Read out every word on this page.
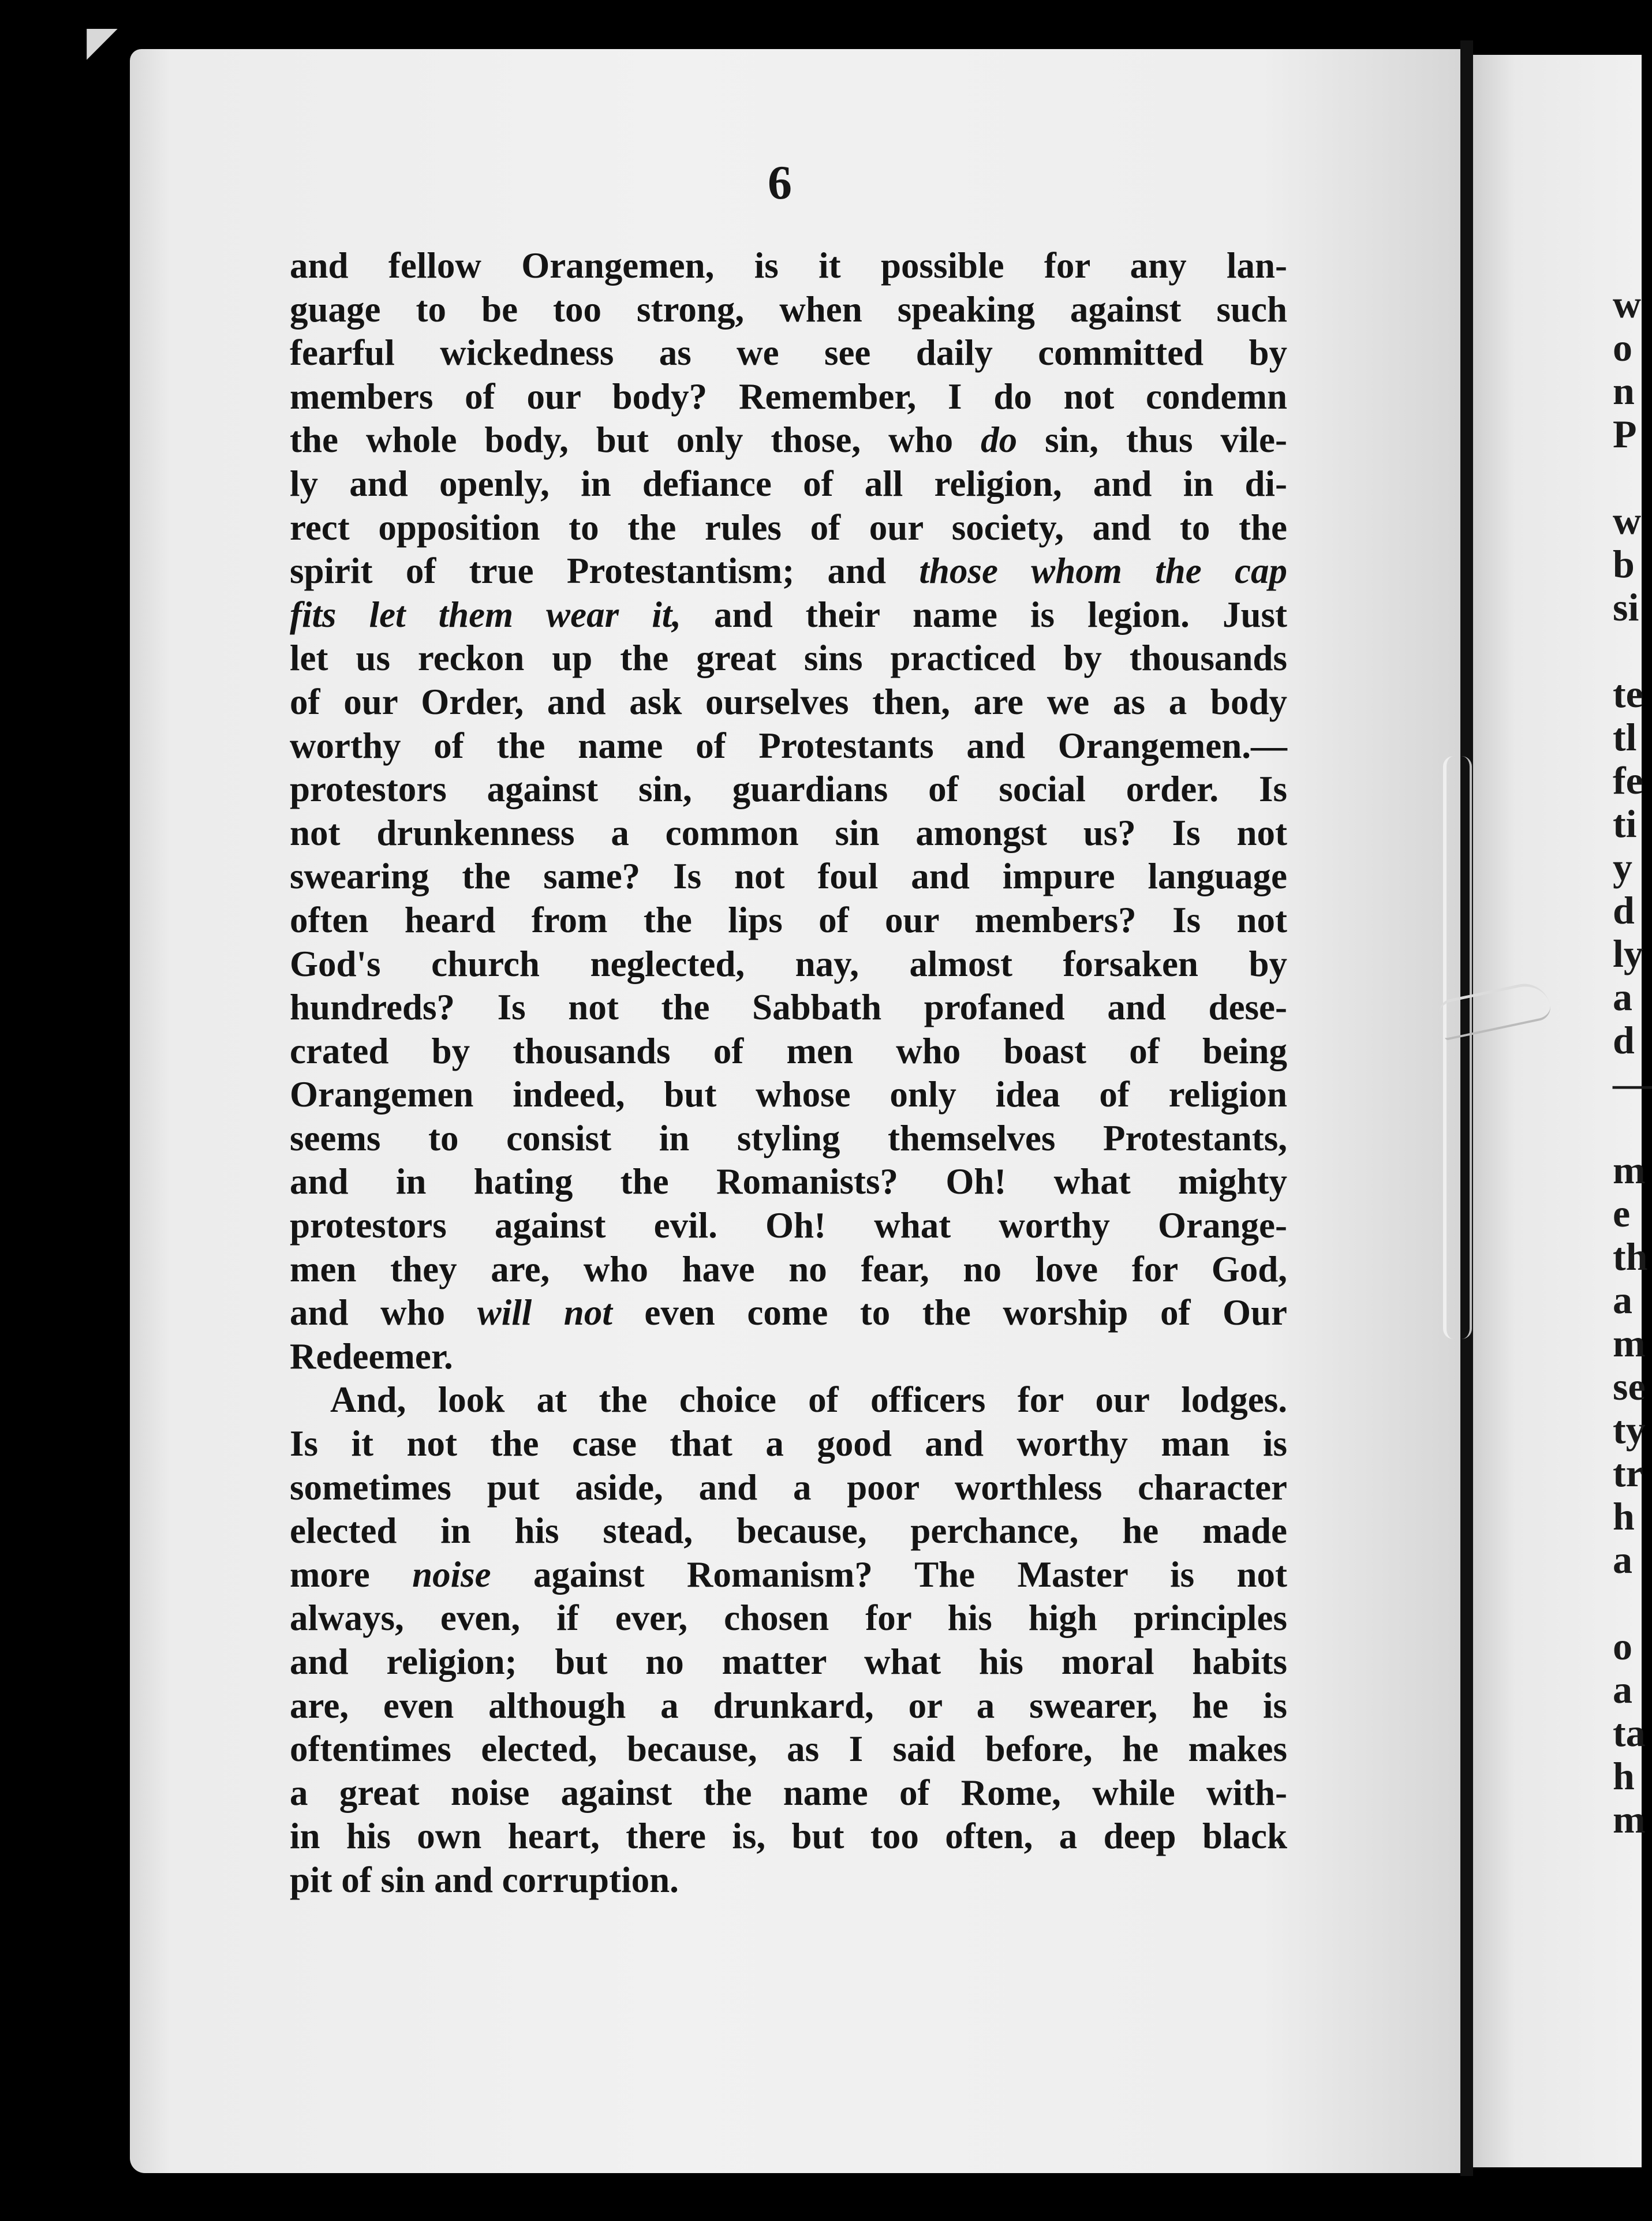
◤
6
and fellow Orangemen, is it possible for any lan-
guage to be too strong, when speaking against such
fearful wickedness as we see daily committed by
members of our body? Remember, I do not condemn
the whole body, but only those, who do sin, thus vile-
ly and openly, in defiance of all religion, and in di-
rect opposition to the rules of our society, and to the
spirit of true Protestantism; and those whom the cap
fits let them wear it, and their name is legion. Just
let us reckon up the great sins practiced by thousands
of our Order, and ask ourselves then, are we as a body
worthy of the name of Protestants and Orangemen.—
protestors against sin, guardians of social order. Is
not drunkenness a common sin amongst us? Is not
swearing the same? Is not foul and impure language
often heard from the lips of our members? Is not
God's church neglected, nay, almost forsaken by
hundreds? Is not the Sabbath profaned and dese-
crated by thousands of men who boast of being
Orangemen indeed, but whose only idea of religion
seems to consist in styling themselves Protestants,
and in hating the Romanists? Oh! what mighty
protestors against evil. Oh! what worthy Orange-
men they are, who have no fear, no love for God,
and who will not even come to the worship of Our
Redeemer.
And, look at the choice of officers for our lodges.
Is it not the case that a good and worthy man is
sometimes put aside, and a poor worthless character
elected in his stead, because, perchance, he made
more noise against Romanism? The Master is not
always, even, if ever, chosen for his high principles
and religion; but no matter what his moral habits
are, even although a drunkard, or a swearer, he is
oftentimes elected, because, as I said before, he makes
a great noise against the name of Rome, while with-
in his own heart, there is, but too often, a deep black
pit of sin and corruption.
w
o
n
P
w
b
si
te
tl
fe
ti
y
d
ly
a
d
—
m
e
th
a
m
se
ty
tr
h
a
o
a
ta
h
m
